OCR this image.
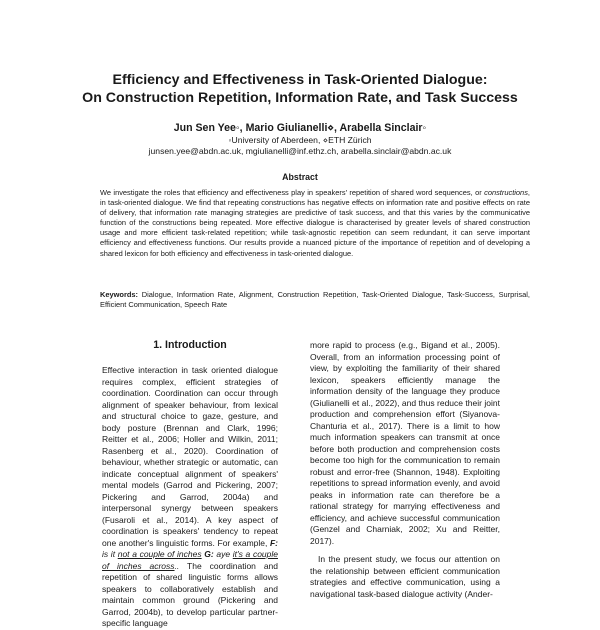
Efficiency and Effectiveness in Task-Oriented Dialogue:
On Construction Repetition, Information Rate, and Task Success
Jun Sen Yee◦, Mario Giulianelli⋄, Arabella Sinclair◦
◦University of Aberdeen, ⋄ETH Zürich
junsen.yee@abdn.ac.uk, mgiulianelli@inf.ethz.ch, arabella.sinclair@abdn.ac.uk
Abstract
We investigate the roles that efficiency and effectiveness play in speakers' repetition of shared word sequences, or constructions, in task-oriented dialogue. We find that repeating constructions has negative effects on information rate and positive effects on rate of delivery, that information rate managing strategies are predictive of task success, and that this varies by the communicative function of the constructions being repeated. More effective dialogue is characterised by greater levels of shared construction usage and more efficient task-related repetition; while task-agnostic repetition can seem redundant, it can serve important efficiency and effectiveness functions. Our results provide a nuanced picture of the importance of repetition and of developing a shared lexicon for both efficiency and effectiveness in task-oriented dialogue.
Keywords: Dialogue, Information Rate, Alignment, Construction Repetition, Task-Oriented Dialogue, Task-Success, Surprisal, Efficient Communication, Speech Rate
1. Introduction

Effective interaction in task oriented dialogue requires complex, efficient strategies of coordination. Coordination can occur through alignment of speaker behaviour, from lexical and structural choice to gaze, gesture, and body posture (Brennan and Clark, 1996; Reitter et al., 2006; Holler and Wilkin, 2011; Rasenberg et al., 2020). Coordination of behaviour, whether strategic or automatic, can indicate conceptual alignment of speakers' mental models (Garrod and Pickering, 2007; Pickering and Garrod, 2004a) and interpersonal synergy between speakers (Fusaroli et al., 2014). A key aspect of coordination is speakers' tendency to repeat one another's linguistic forms. For example, F: is it not a couple of inches G: aye it's a couple of inches across.. The coordination and repetition of shared linguistic forms allows speakers to collaboratively establish and maintain common ground (Pickering and Garrod, 2004b), to develop particular partner-specific language

more rapid to process (e.g., Bigand et al., 2005). Overall, from an information processing point of view, by exploiting the familiarity of their shared lexicon, speakers efficiently manage the information density of the language they produce (Giulianelli et al., 2022), and thus reduce their joint production and comprehension effort (Siyanova-Chanturia et al., 2017). There is a limit to how much information speakers can transmit at once before both production and comprehension costs become too high for the communication to remain robust and error-free (Shannon, 1948). Exploiting repetitions to spread information evenly, and avoid peaks in information rate can therefore be a rational strategy for marrying effectiveness and efficiency, and achieve successful communication (Genzel and Charniak, 2002; Xu and Reitter, 2017).

In the present study, we focus our attention on the relationship between efficient communication strategies and effective communication, using a navigational task-based dialogue activity (Ander-
